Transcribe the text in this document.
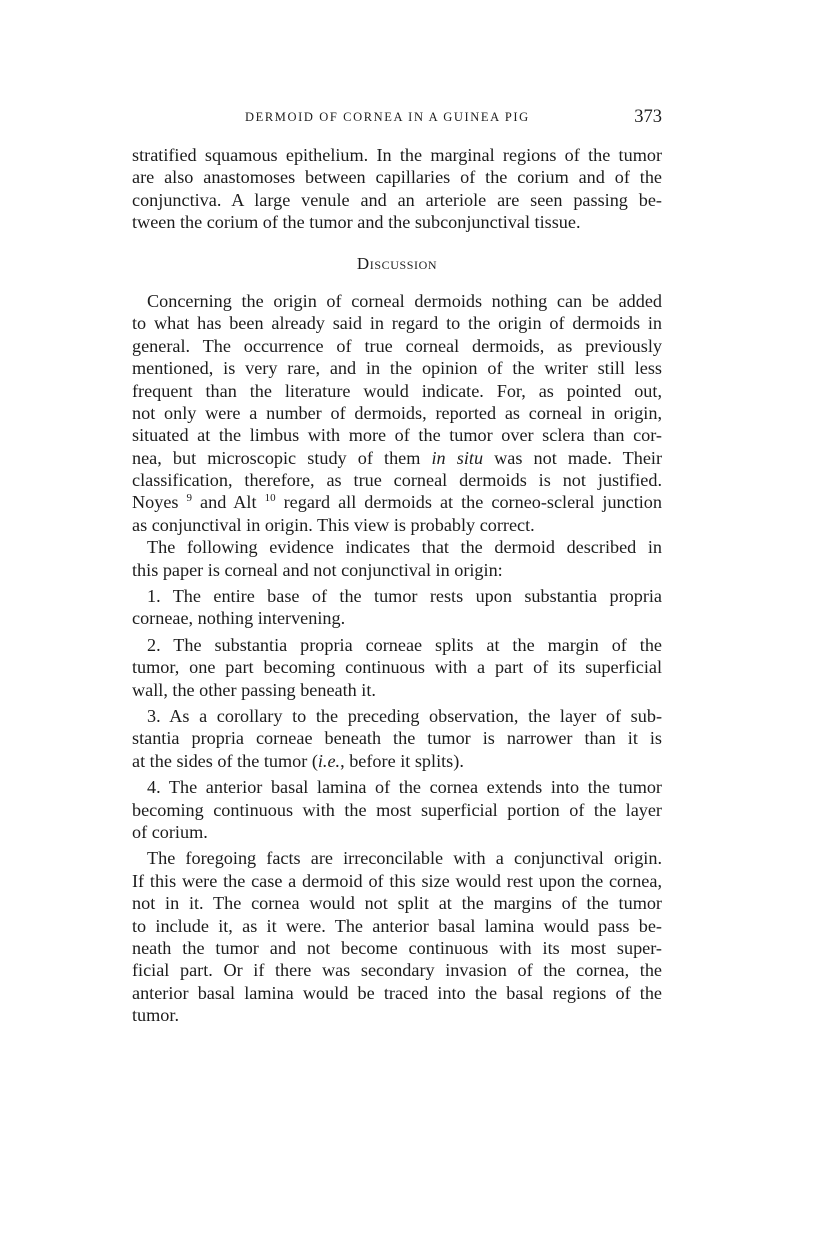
DERMOID OF CORNEA IN A GUINEA PIG	373
stratified squamous epithelium. In the marginal regions of the tumor
are also anastomoses between capillaries of the corium and of the
conjunctiva. A large venule and an arteriole are seen passing be-
tween the corium of the tumor and the subconjunctival tissue.
Discussion
Concerning the origin of corneal dermoids nothing can be added
to what has been already said in regard to the origin of dermoids in
general. The occurrence of true corneal dermoids, as previously
mentioned, is very rare, and in the opinion of the writer still less
frequent than the literature would indicate. For, as pointed out,
not only were a number of dermoids, reported as corneal in origin,
situated at the limbus with more of the tumor over sclera than cor-
nea, but microscopic study of them in situ was not made. Their
classification, therefore, as true corneal dermoids is not justified.
Noyes $^9$ and Alt $^{10}$ regard all dermoids at the corneo-scleral junction
as conjunctival in origin. This view is probably correct.
The following evidence indicates that the dermoid described in
this paper is corneal and not conjunctival in origin:
1. The entire base of the tumor rests upon substantia propria
corneae, nothing intervening.
2. The substantia propria corneae splits at the margin of the
tumor, one part becoming continuous with a part of its superficial
wall, the other passing beneath it.
3. As a corollary to the preceding observation, the layer of sub-
stantia propria corneae beneath the tumor is narrower than it is
at the sides of the tumor (i.e., before it splits).
4. The anterior basal lamina of the cornea extends into the tumor
becoming continuous with the most superficial portion of the layer
of corium.
The foregoing facts are irreconcilable with a conjunctival origin.
If this were the case a dermoid of this size would rest upon the cornea,
not in it. The cornea would not split at the margins of the tumor
to include it, as it were. The anterior basal lamina would pass be-
neath the tumor and not become continuous with its most super-
ficial part. Or if there was secondary invasion of the cornea, the
anterior basal lamina would be traced into the basal regions of the
tumor.
